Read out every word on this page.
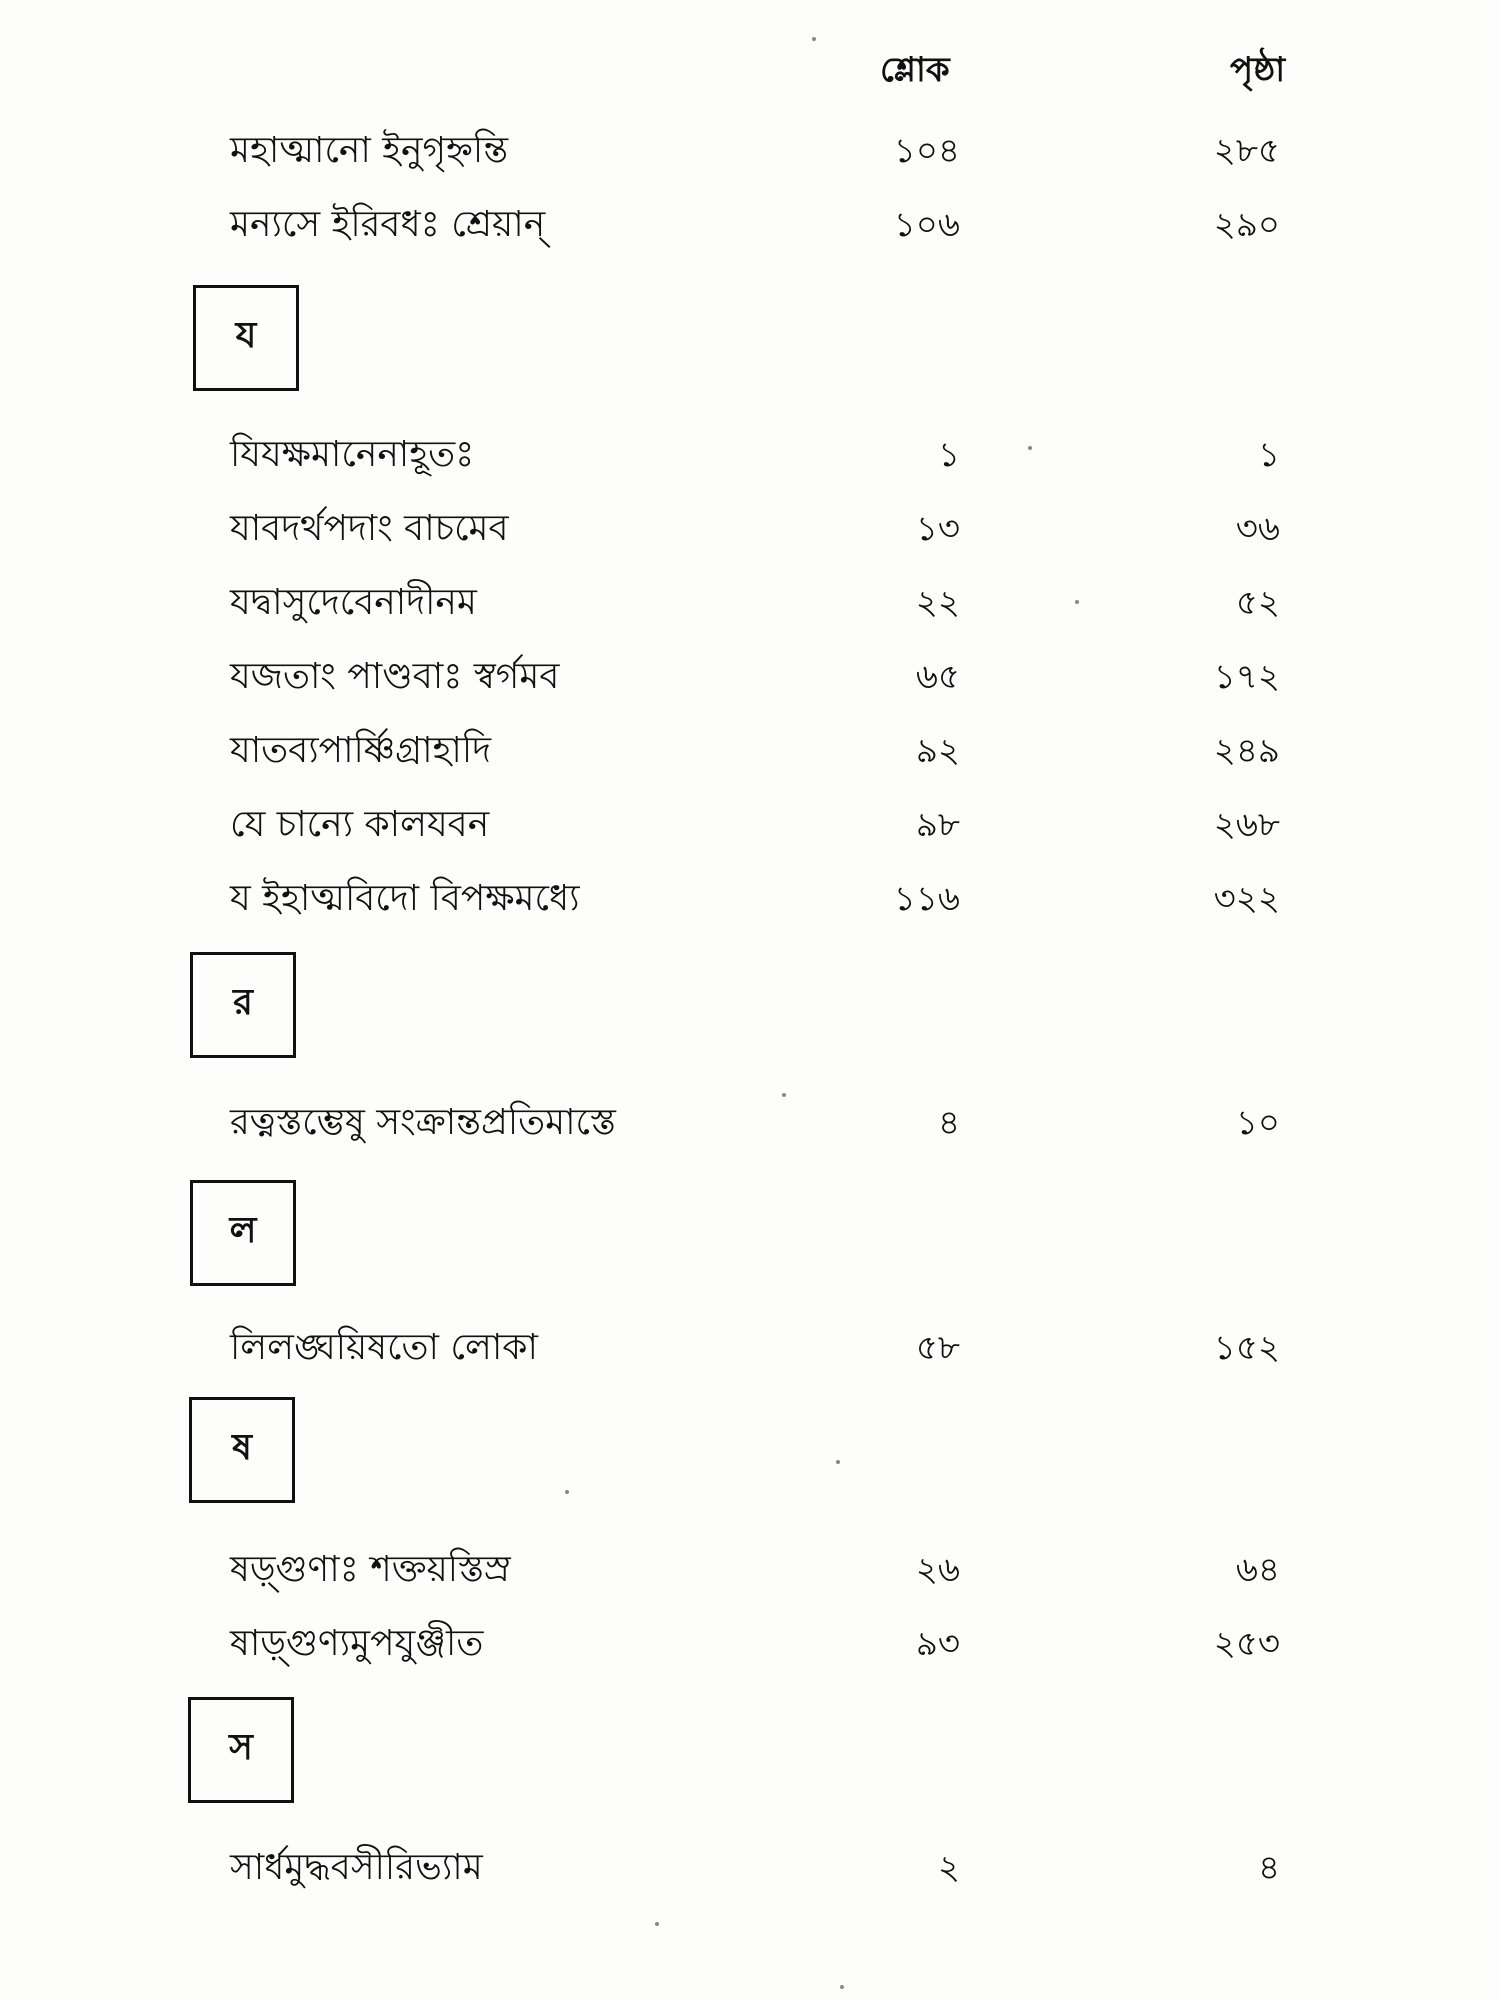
শ্লোক	পৃষ্ঠা
মহাত্মানো ইনুগৃহ্নন্তি	১০৪	২৮৫
মন্যসে ইরিবধঃ শ্রেয়ান্	১০৬	২৯০
য
যিযক্ষমানেনাহূতঃ	১	১
যাবদর্থপদাং বাচমেব	১৩	৩৬
যদ্বাসুদেবেনাদীনম	২২	৫২
যজতাং পাণ্ডবাঃ স্বর্গমব	৬৫	১৭২
যাতব্যপার্ষ্ণিগ্রাহাদি	৯২	২৪৯
যে চান্যে কালযবন	৯৮	২৬৮
য ইহাত্মবিদো বিপক্ষমধ্যে	১১৬	৩২২
র
রত্নস্তম্ভেষু সংক্রান্তপ্রতিমাস্তে	৪	১০
ল
লিলঙ্ঘয়িষতো লোকা	৫৮	১৫২
ষ
ষড়্গুণাঃ শক্তয়স্তিস্র	২৬	৬৪
ষাড়্গুণ্যমুপযুঞ্জীত	৯৩	২৫৩
স
সার্ধমুদ্ধবসীরিভ্যাম	২	৪
